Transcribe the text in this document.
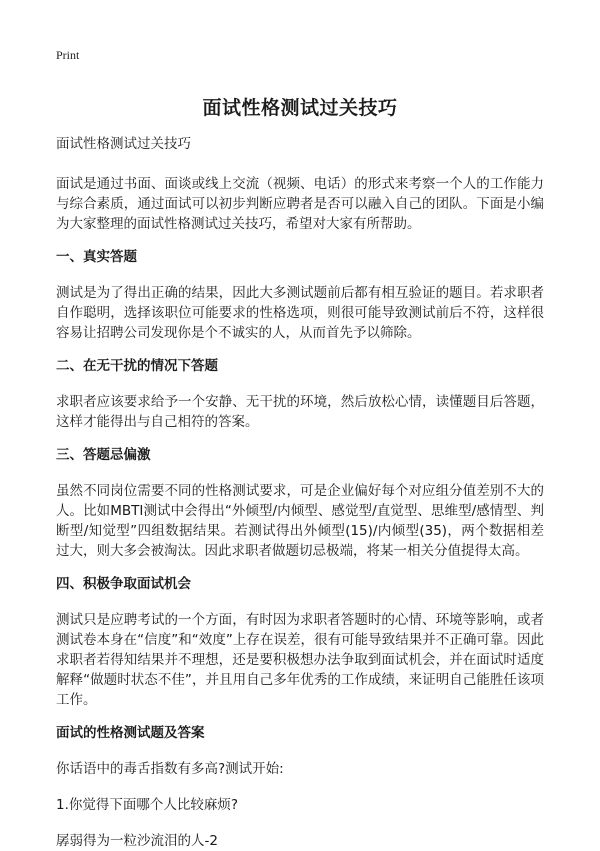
Print
面试性格测试过关技巧
面试性格测试过关技巧

面试是通过书面、面谈或线上交流（视频、电话）的形式来考察一个人的工作能力与综合素质，通过面试可以初步判断应聘者是否可以融入自己的团队。下面是小编为大家整理的面试性格测试过关技巧，希望对大家有所帮助。

一、真实答题

测试是为了得出正确的结果，因此大多测试题前后都有相互验证的题目。若求职者自作聪明，选择该职位可能要求的性格选项，则很可能导致测试前后不符，这样很容易让招聘公司发现你是个不诚实的人，从而首先予以筛除。

二、在无干扰的情况下答题

求职者应该要求给予一个安静、无干扰的环境，然后放松心情，读懂题目后答题，这样才能得出与自己相符的答案。

三、答题忌偏激

虽然不同岗位需要不同的性格测试要求，可是企业偏好每个对应组分值差别不大的人。比如MBTI测试中会得出“外倾型/内倾型、感觉型/直觉型、思维型/感情型、判断型/知觉型”四组数据结果。若测试得出外倾型(15)/内倾型(35)，两个数据相差过大，则大多会被淘汰。因此求职者做题切忌极端，将某一相关分值提得太高。

四、积极争取面试机会

测试只是应聘考试的一个方面，有时因为求职者答题时的心情、环境等影响，或者测试卷本身在“信度”和“效度”上存在误差，很有可能导致结果并不正确可靠。因此求职者若得知结果并不理想，还是要积极想办法争取到面试机会，并在面试时适度解释“做题时状态不佳”，并且用自己多年优秀的工作成绩，来证明自己能胜任该项工作。

面试的性格测试题及答案
你话语中的毒舌指数有多高?测试开始:
1.你觉得下面哪个人比较麻烦?
孱弱得为一粒沙流泪的人-2
